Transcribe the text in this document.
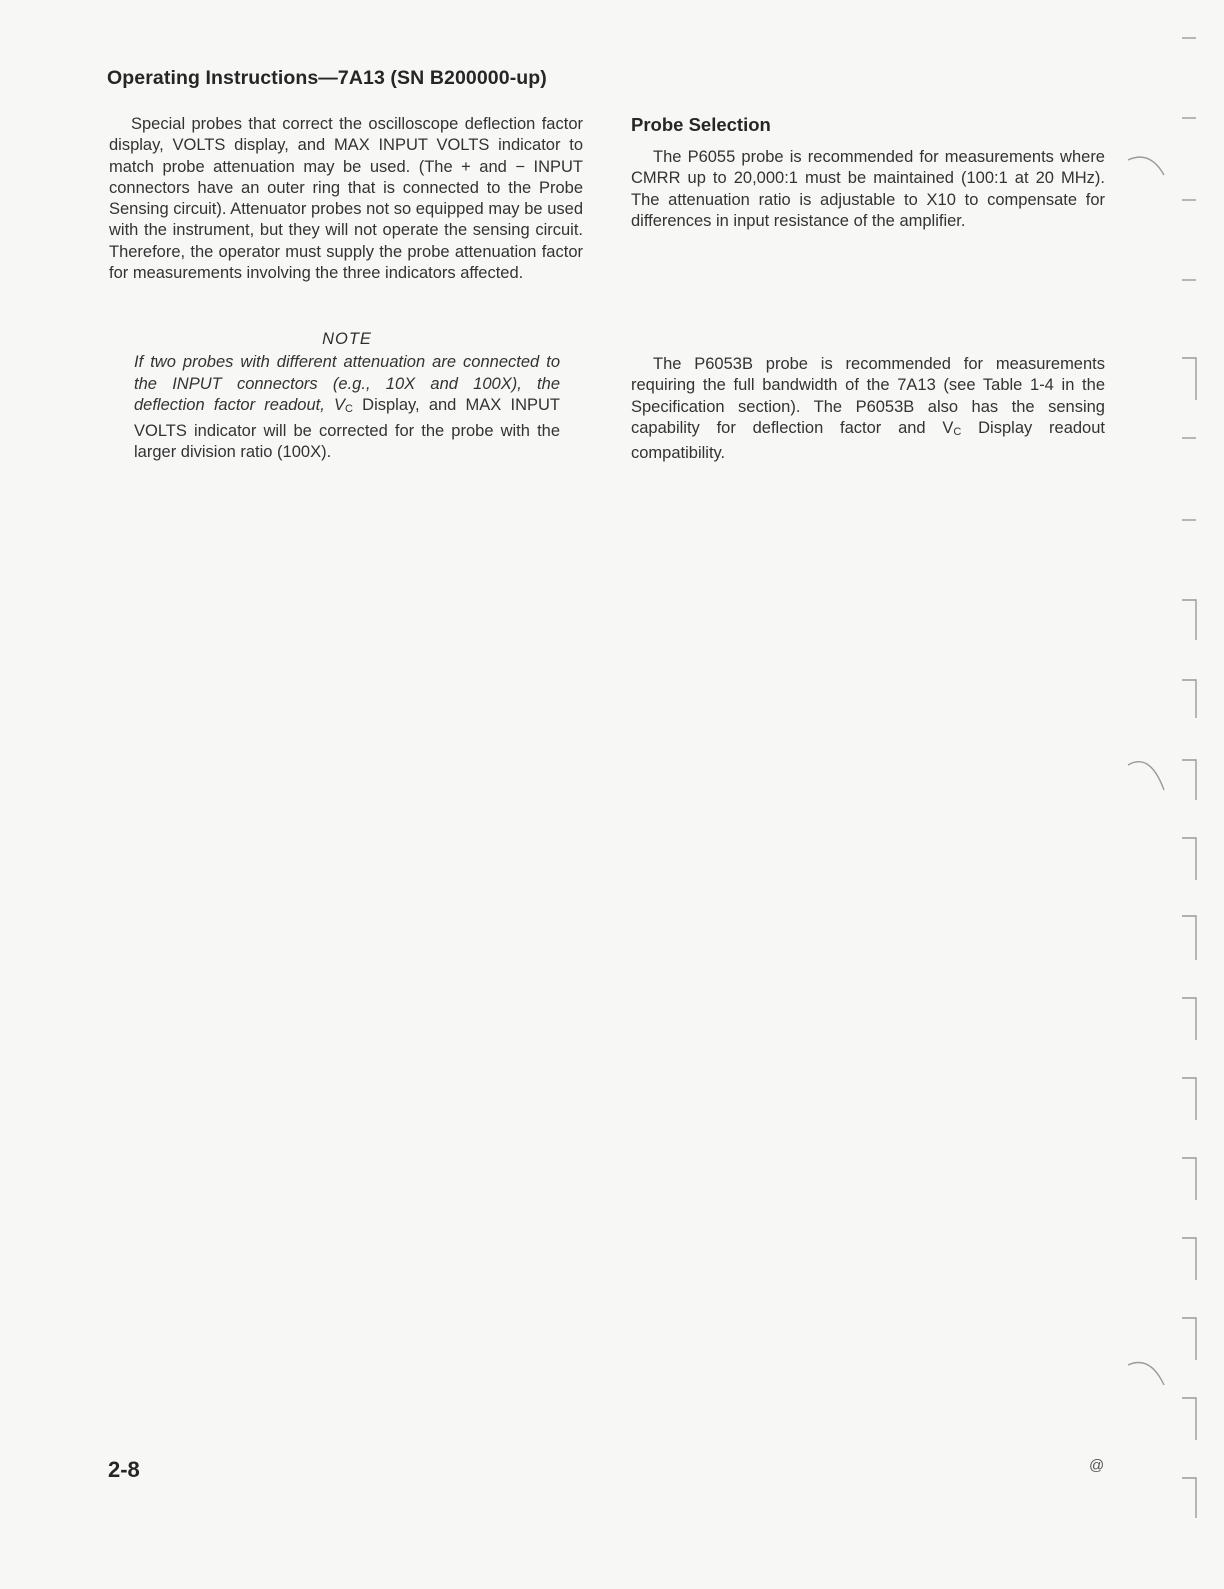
Operating Instructions—7A13 (SN B200000-up)

Special probes that correct the oscilloscope deflection factor display, VOLTS display, and MAX INPUT VOLTS indicator to match probe attenuation may be used. (The + and − INPUT connectors have an outer ring that is connected to the Probe Sensing circuit). Attenuator probes not so equipped may be used with the instrument, but they will not operate the sensing circuit. Therefore, the operator must supply the probe attenuation factor for measurements involving the three indicators affected.

NOTE
If two probes with different attenuation are connected to the INPUT connectors (e.g., 10X and 100X), the deflection factor readout, $V_C$ Display, and MAX INPUT VOLTS indicator will be corrected for the probe with the larger division ratio (100X).
Probe Selection

The P6055 probe is recommended for measurements where CMRR up to 20,000:1 must be maintained (100:1 at 20 MHz). The attenuation ratio is adjustable to X10 to compensate for differences in input resistance of the amplifier.

The P6053B probe is recommended for measurements requiring the full bandwidth of the 7A13 (see Table 1-4 in the Specification section). The P6053B also has the sensing capability for deflection factor and $V_C$ Display readout compatibility.

2-8	@
